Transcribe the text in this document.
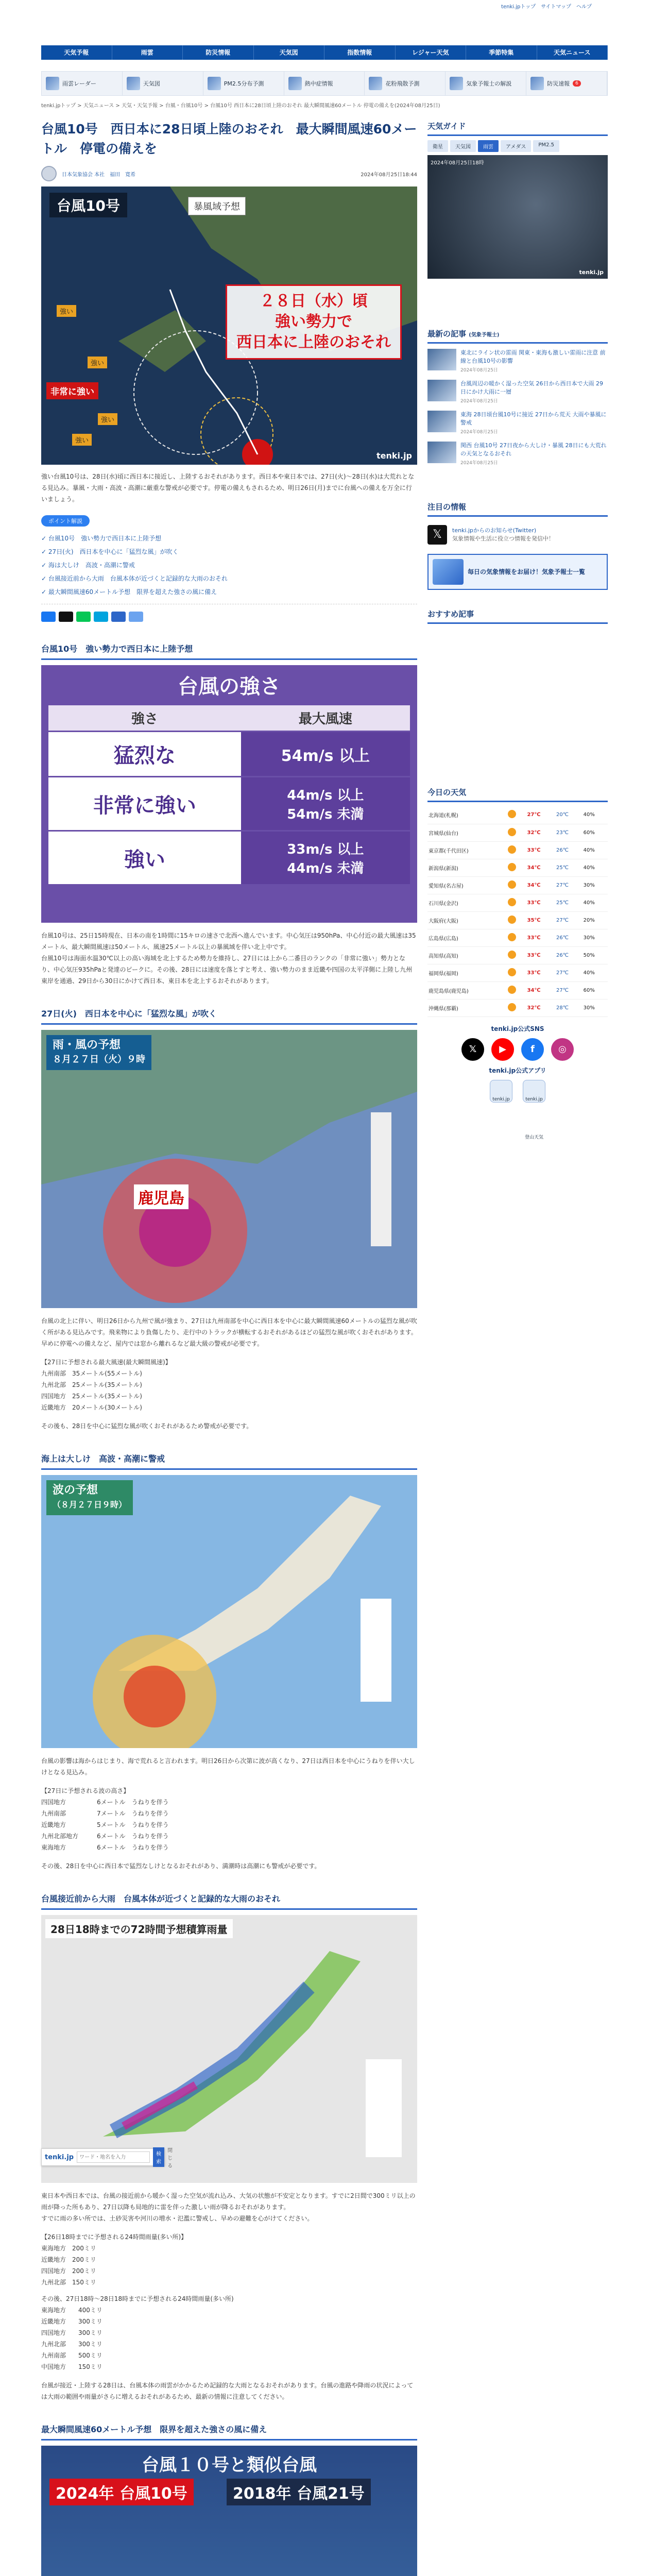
tenki.jpトップ サイトマップ ヘルプ
天気予報	雨雲	防災情報	天気図	指数情報	レジャー天気	季節特集	天気ニュース
雨雲レーダー	天気図	PM2.5分布予測	熱中症情報	花粉飛散予測	気象予報士の解説	防災速報	6
tenki.jpトップ > 天気ニュース > 天気・天気予報 > 台風・台風10号 > 台風10号 西日本に28日頃上陸のおそれ 最大瞬間風速60メートル 停電の備えを(2024年08月25日)
台風10号　西日本に28日頃上陸のおそれ　最大瞬間風速60メートル　停電の備えを
日本気象協会 本社　福田　寛希	2024年08月25日18:44
台風10号	暴風域予想
２８日（水）頃
強い勢力で
西日本に上陸のおそれ
強い
強い
強い
強い
非常に強い
tenki.jp

強い台風10号は、28日(水)頃に西日本に接近し、上陸するおそれがあります。西日本や東日本では、27日(火)～28日(水)は大荒れとなる見込み。暴風・大雨・高波・高潮に厳重な警戒が必要です。停電の備えもされるため、明日26日(月)までに台風への備えを万全に行いましょう。

ポイント解説
✓ 台風10号　強い勢力で西日本に上陸予想
✓ 27日(火)　西日本を中心に「猛烈な風」が吹く
✓ 海は大しけ　高波・高潮に警戒
✓ 台風接近前から大雨　台風本体が近づくと記録的な大雨のおそれ
✓ 最大瞬間風速60メートル予想　限界を超えた強さの風に備え
台風10号　強い勢力で西日本に上陸予想
台風の強さ
強さ	最大風速
猛烈な	54m/s 以上
非常に強い	44m/s 以上
54m/s 未満
強い	33m/s 以上
44m/s 未満

台風10号は、25日15時現在、日本の南を1時間に15キロの速さで北西へ進んでいます。中心気圧は950hPa、中心付近の最大風速は35メートル、最大瞬間風速は50メートル、風速25メートル以上の暴風域を伴い北上中です。
台風10号は海面水温30℃以上の高い海域を北上するため勢力を維持し、27日には上から二番目のランクの「非常に強い」勢力となり、中心気圧935hPaと発達のピークに。その後、28日には速度を落とすと考え、強い勢力のまま近畿や四国の太平洋側に上陸し九州東岸を通過、29日から30日にかけて西日本、東日本を北上するおそれがあります。

27日(火)　西日本を中心に「猛烈な風」が吹く
雨・風の予想
８月２７日（火）９時
鹿児島

台風の北上に伴い、明日26日から九州で風が強まり、27日は九州南部を中心に西日本を中心に最大瞬間風速60メートルの猛烈な風が吹く所がある見込みです。飛来物により負傷したり、走行中のトラックが横転するおそれがあるほどの猛烈な風が吹くおそれがあります。早めに停電への備えなど、屋内では窓から離れるなど最大級の警戒が必要です。

【27日に予想される最大風速(最大瞬間風速)】
九州南部　35メートル(55メートル)
九州北部　25メートル(35メートル)
四国地方　25メートル(35メートル)
近畿地方　20メートル(30メートル)

その後も、28日を中心に猛烈な風が吹くおそれがあるため警戒が必要です。

海上は大しけ　高波・高潮に警戒
波の予想
（８月２７日９時）

台風の影響は海からはじまり、海で荒れると言われます。明日26日から次第に波が高くなり、27日は西日本を中心にうねりを伴い大しけとなる見込み。

【27日に予想される波の高さ】
四国地方　　　　　6メートル　うねりを伴う
九州南部　　　　　7メートル　うねりを伴う
近畿地方　　　　　5メートル　うねりを伴う
九州北部地方　　　6メートル　うねりを伴う
東海地方　　　　　6メートル　うねりを伴う

その後、28日を中心に西日本で猛烈なしけとなるおそれがあり、満潮時は高潮にも警戒が必要です。

台風接近前から大雨　台風本体が近づくと記録的な大雨のおそれ
28日18時までの72時間予想積算雨量

東日本や西日本では、台風の接近前から暖かく湿った空気が流れ込み、大気の状態が不安定となります。すでに2日間で300ミリ以上の雨が降った所もあり、27日以降も局地的に雷を伴った激しい雨が降るおそれがあります。
すでに雨の多い所では、土砂災害や河川の増水・氾濫に警戒し、早めの避難を心がけてください。

【26日18時までに予想される24時間雨量(多い所)】
東海地方　200ミリ
近畿地方　200ミリ
四国地方　200ミリ
九州北部　150ミリ
その後、27日18時～28日18時までに予想される24時間雨量(多い所)
東海地方　　400ミリ
近畿地方　　300ミリ
四国地方　　300ミリ
九州北部　　300ミリ
九州南部　　500ミリ
中国地方　　150ミリ

台風が接近・上陸する28日は、台風本体の雨雲がかかるため記録的な大雨となるおそれがあります。台風の進路や降雨の状況によっては大雨の範囲や雨量がさらに増えるおそれがあるため、最新の情報に注意してください。

最大瞬間風速60メートル予想　限界を超えた強さの風に備え
台風１０号と類似台風
2024年 台風10号	2018年 台風21号
天気ガイド
衛星	天気図	雨雲	アメダス	PM2.5
2024年08月25日18時
tenki.jp
最新の記事 (気象予報士)
東北にライン状の雷雨 関東・東海も激しい雷雨に注意 前線と台風10号の影響
2024年08月25日
台風周辺の暖かく湿った空気 26日から西日本で大雨 29日にかけ大雨に一層
2024年08月25日
東海 28日頃台風10号に接近 27日から荒天 大雨や暴風に警戒
2024年08月25日
関西 台風10号 27日夜から大しけ・暴風 28日にも大荒れの天気となるおそれ
2024年08月25日
注目の情報
𝕏	tenki.jpからのお知らせ(Twitter)
気象情報や生活に役立つ情報を発信中！
毎日の気象情報をお届け！気象予報士一覧
おすすめ記事
今日の天気
北海道(札幌)		27℃	20℃	40%
宮城県(仙台)		32℃	23℃	60%
東京都(千代田区)		33℃	26℃	40%
新潟県(新潟)		34℃	25℃	40%
愛知県(名古屋)		34℃	27℃	30%
石川県(金沢)		33℃	25℃	40%
大阪府(大阪)		35℃	27℃	20%
広島県(広島)		33℃	26℃	30%
高知県(高知)		33℃	26℃	50%
福岡県(福岡)		33℃	27℃	40%
鹿児島県(鹿児島)		34℃	27℃	60%
沖縄県(那覇)		32℃	28℃	30%
tenki.jp公式SNS
𝕏	▶	f	◎
tenki.jp公式アプリ
tenki.jp	tenki.jp 登山天気
tenki.jp
ワード・地名を入力	検索
閉じる
